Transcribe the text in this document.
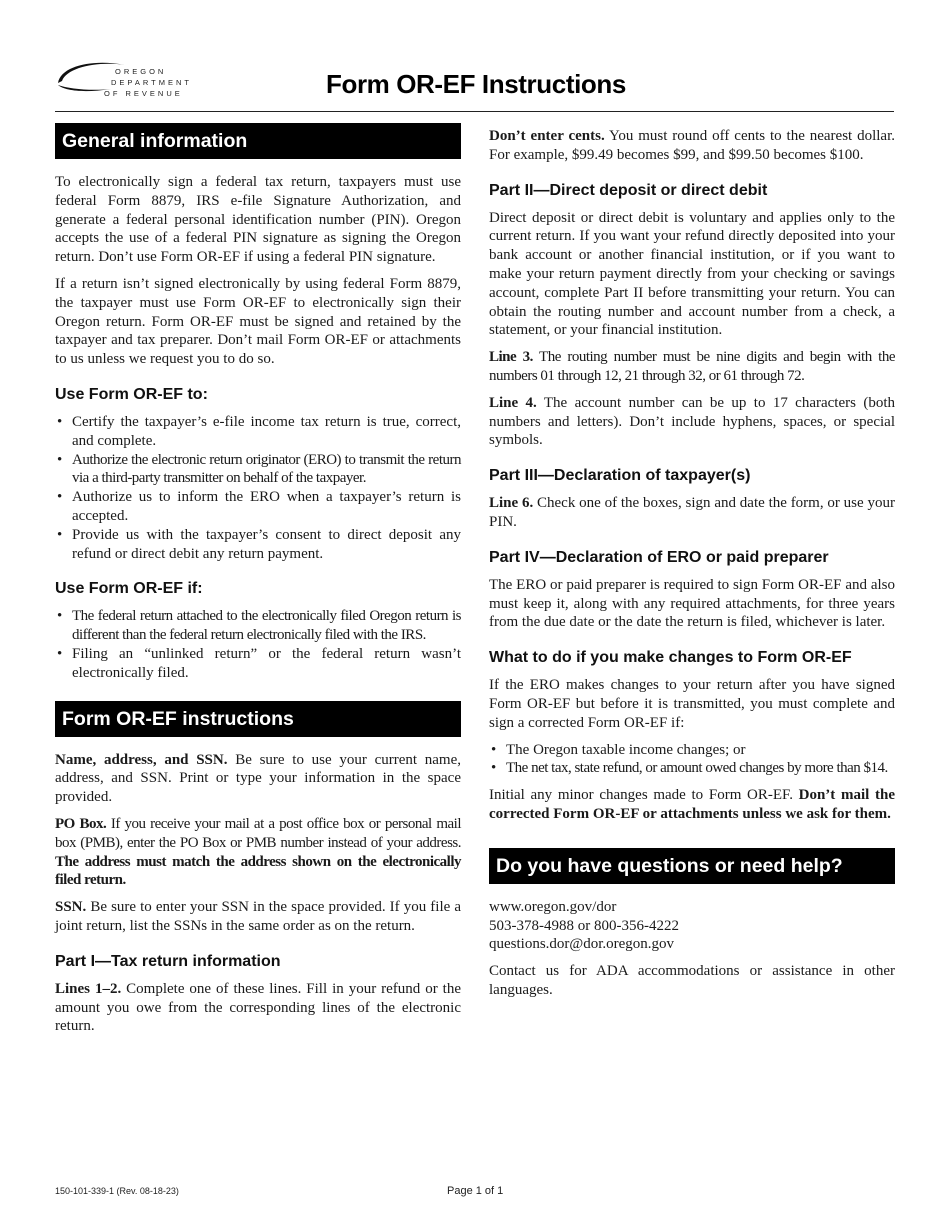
OREGON
DEPARTMENT
OF REVENUE	Form OR-EF Instructions
General information

To electronically sign a federal tax return, taxpayers must use federal Form 8879, IRS e-file Signature Authorization, and generate a federal personal identification number (PIN). Oregon accepts the use of a federal PIN signature as signing the Oregon return. Don’t use Form OR-EF if using a federal PIN signature.

If a return isn’t signed electronically by using federal Form 8879, the taxpayer must use Form OR-EF to electronically sign their Oregon return. Form OR-EF must be signed and retained by the taxpayer and tax preparer. Don’t mail Form OR-EF or attachments to us unless we request you to do so.

Use Form OR-EF to:
• Certify the taxpayer’s e-file income tax return is true, correct, and complete.
• Authorize the electronic return originator (ERO) to transmit the return via a third-party transmitter on behalf of the taxpayer.
• Authorize us to inform the ERO when a taxpayer’s return is accepted.
• Provide us with the taxpayer’s consent to direct deposit any refund or direct debit any return payment.
Use Form OR-EF if:
• The federal return attached to the electronically filed Oregon return is different than the federal return electronically filed with the IRS.
• Filing an “unlinked return” or the federal return wasn’t electronically filed.
Form OR-EF instructions

Name, address, and SSN. Be sure to use your current name, address, and SSN. Print or type your information in the space provided.

PO Box. If you receive your mail at a post office box or personal mail box (PMB), enter the PO Box or PMB number instead of your address. The address must match the address shown on the electronically filed return.

SSN. Be sure to enter your SSN in the space provided. If you file a joint return, list the SSNs in the same order as on the return.

Part I—Tax return information

Lines 1–2. Complete one of these lines. Fill in your refund or the amount you owe from the corresponding lines of the electronic return.

Don’t enter cents. You must round off cents to the nearest dollar. For example, $99.49 becomes $99, and $99.50 becomes $100.

Part II—Direct deposit or direct debit

Direct deposit or direct debit is voluntary and applies only to the current return. If you want your refund directly deposited into your bank account or another financial institution, or if you want to make your return payment directly from your checking or savings account, complete Part II before transmitting your return. You can obtain the routing number and account number from a check, a statement, or your financial institution.

Line 3. The routing number must be nine digits and begin with the numbers 01 through 12, 21 through 32, or 61 through 72.

Line 4. The account number can be up to 17 characters (both numbers and letters). Don’t include hyphens, spaces, or special symbols.

Part III—Declaration of taxpayer(s)

Line 6. Check one of the boxes, sign and date the form, or use your PIN.

Part IV—Declaration of ERO or paid preparer

The ERO or paid preparer is required to sign Form OR-EF and also must keep it, along with any required attachments, for three years from the due date or the date the return is filed, whichever is later.

What to do if you make changes to Form OR-EF

If the ERO makes changes to your return after you have signed Form OR-EF but before it is transmitted, you must complete and sign a corrected Form OR-EF if:

• The Oregon taxable income changes; or
• The net tax, state refund, or amount owed changes by more than $14.

Initial any minor changes made to Form OR-EF. Don’t mail the corrected Form OR-EF or attachments unless we ask for them.

Do you have questions or need help?

www.oregon.gov/dor
503-378-4988 or 800-356-4222
questions.dor@dor.oregon.gov

Contact us for ADA accommodations or assistance in other languages.

150-101-339-1 (Rev. 08-18-23)	Page 1 of 1
